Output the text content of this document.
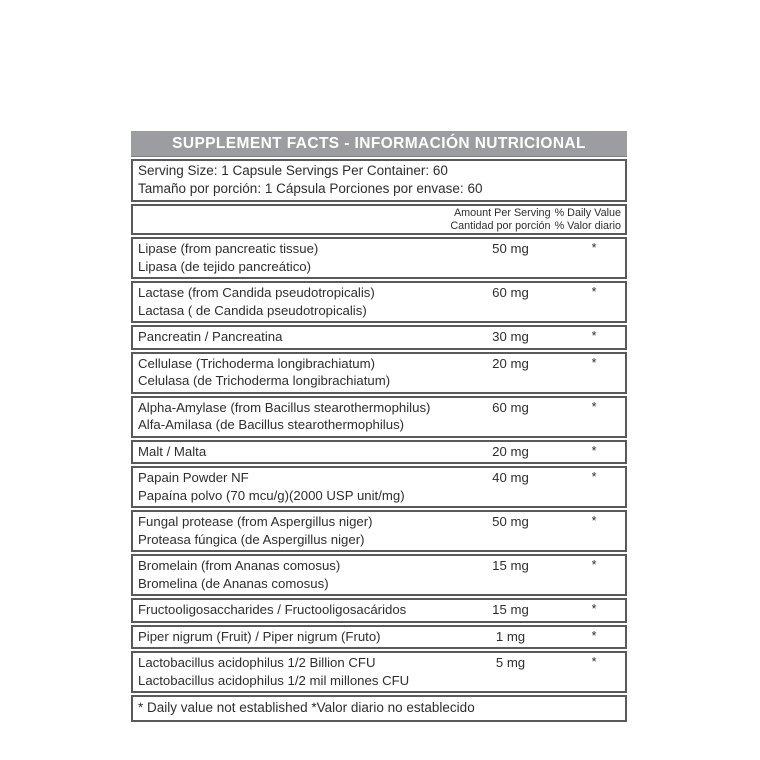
SUPPLEMENT FACTS - INFORMACIÓN NUTRICIONAL
Serving Size: 1 Capsule Servings Per Container: 60
Tamaño por porción: 1 Cápsula Porciones por envase: 60
Amount Per Serving % Daily Value
Cantidad por porción % Valor diario
Lipase (from pancreatic tissue)
Lipasa (de tejido pancreático)
50 mg	*
Lactase (from Candida pseudotropicalis)
Lactasa ( de Candida pseudotropicalis)
60 mg	*
Pancreatin / Pancreatina	30 mg	*
Cellulase (Trichoderma longibrachiatum)
Celulasa (de Trichoderma longibrachiatum)
20 mg	*
Alpha-Amylase (from Bacillus stearothermophilus)
Alfa-Amilasa (de Bacillus stearothermophilus)
60 mg	*
Malt / Malta	20 mg	*
Papain Powder NF
Papaína polvo (70 mcu/g)(2000 USP unit/mg)
40 mg	*
Fungal protease (from Aspergillus niger)
Proteasa fúngica (de Aspergillus niger)
50 mg	*
Bromelain (from Ananas comosus)
Bromelina (de Ananas comosus)
15 mg	*
Fructooligosaccharides / Fructooligosacáridos	15 mg	*
Piper nigrum (Fruit) / Piper nigrum (Fruto)	1 mg	*
Lactobacillus acidophilus 1/2 Billion CFU
Lactobacillus acidophilus 1/2 mil millones CFU
5 mg	*
* Daily value not established *Valor diario no establecido
